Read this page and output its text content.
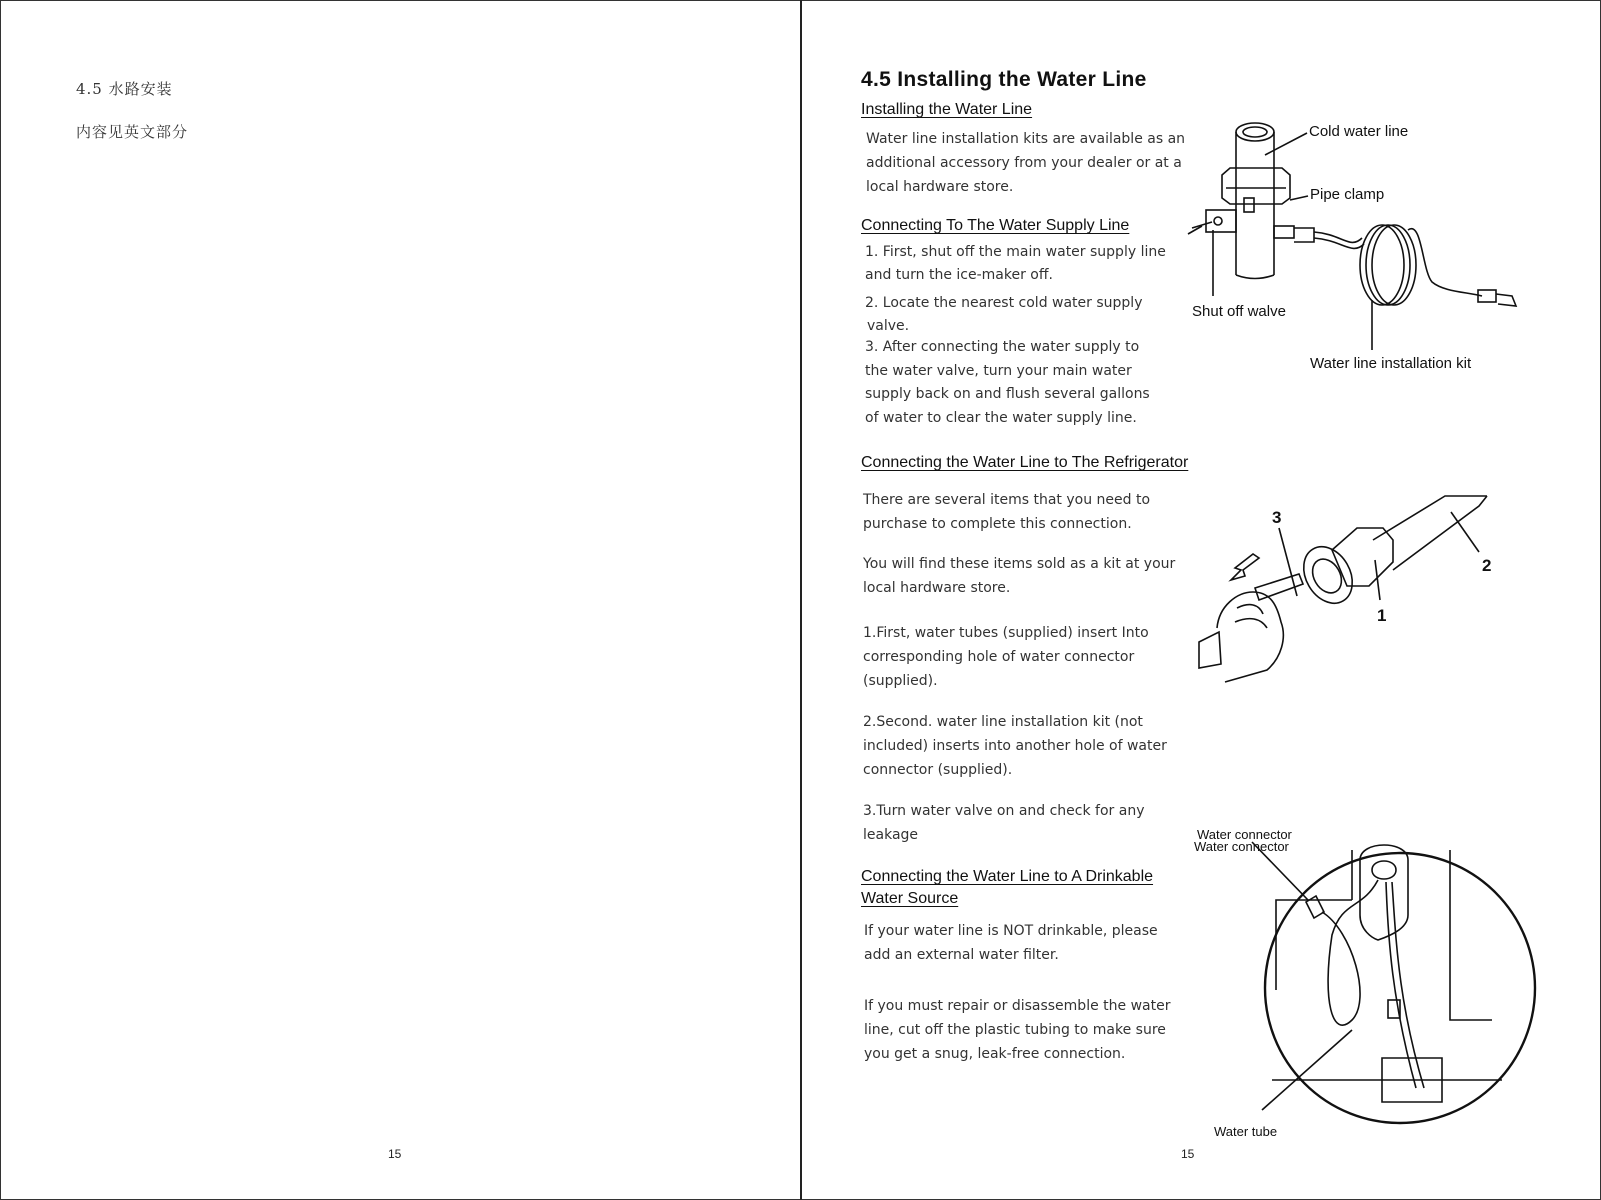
4.5 水路安装
内容见英文部分
15
4.5 Installing the Water Line
Installing the Water Line
Water line installation kits are available as an
additional accessory from your dealer or at a
local hardware store.
Connecting To The Water Supply Line
1. First, shut off the main water supply line
and turn the ice-maker off.
2. Locate the nearest cold water supply
valve.
3. After connecting the water supply to
the water valve, turn your main water
supply back on and flush several gallons
of water to clear the water supply line.
Connecting the Water Line to The Refrigerator
There are several items that you need to
purchase to complete this connection.
You will find these items sold as a kit at your
local hardware store.
1.First, water tubes (supplied) insert Into
corresponding hole of water connector
(supplied).
2.Second. water line installation kit (not
included) inserts into another hole of water
connector (supplied).
3.Turn water valve on and check for any
leakage
Connecting the Water Line to A Drinkable
Water Source
If your water line is NOT drinkable, please
add an external water filter.
If you must repair or disassemble the water
line, cut off the plastic tubing to make sure
you get a snug, leak-free connection.
15
Cold water line
Pipe clamp
Shut off walve
Water line installation kit
3
1
2
Water connector
Water tube
Water connector
